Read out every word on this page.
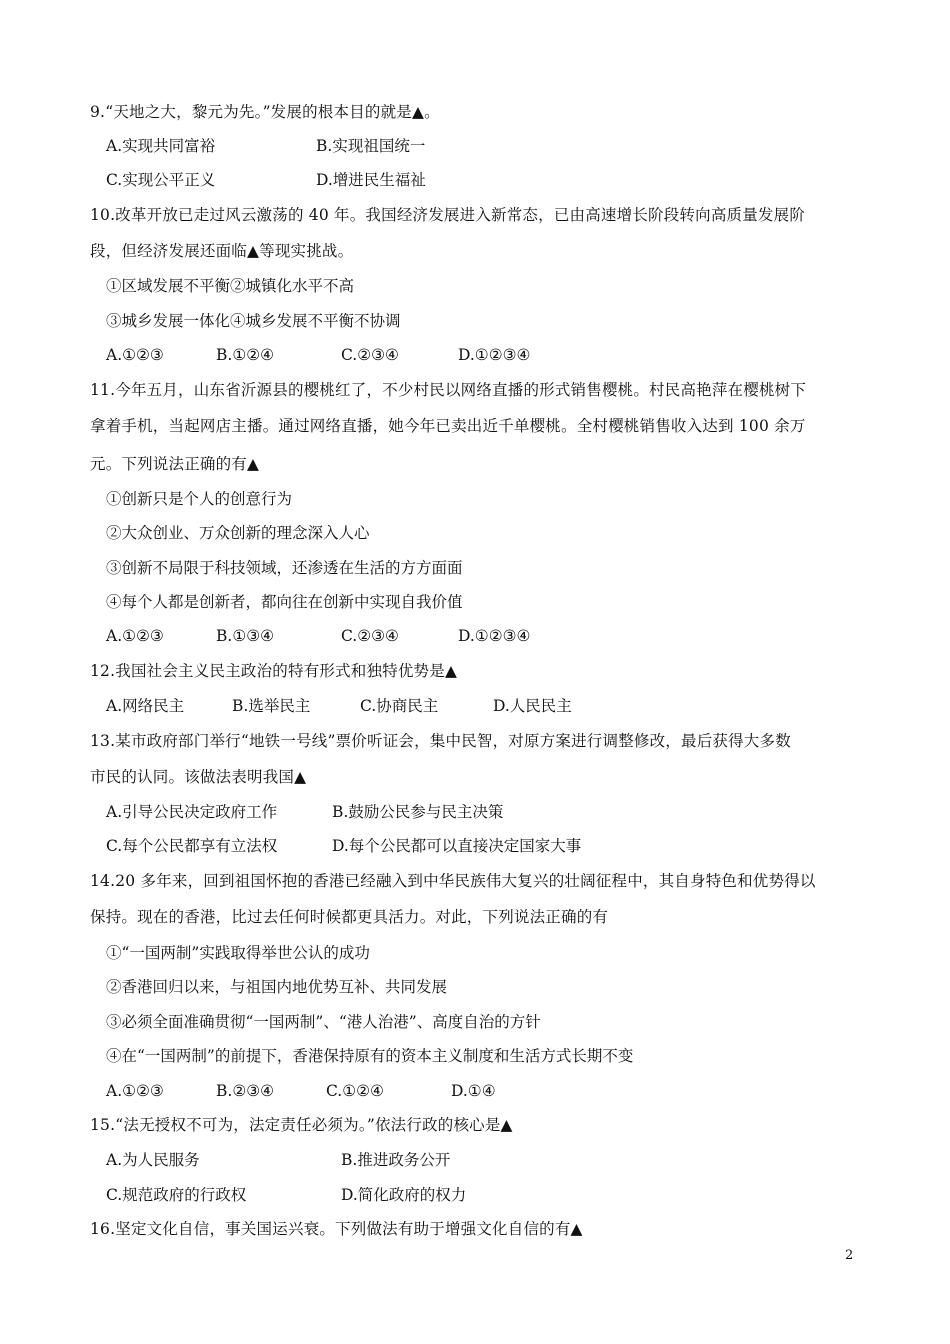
9.“天地之大，黎元为先。”发展的根本目的就是▲。
A.实现共同富裕	B.实现祖国统一
C.实现公平正义	D.增进民生福祉
10.改革开放已走过风云激荡的 40 年。我国经济发展进入新常态，已由高速增长阶段转向高质量发展阶
段，但经济发展还面临▲等现实挑战。
①区域发展不平衡②城镇化水平不高
③城乡发展一体化④城乡发展不平衡不协调
A.①②③	B.①②④	C.②③④	D.①②③④
11.今年五月，山东省沂源县的樱桃红了，不少村民以网络直播的形式销售樱桃。村民高艳萍在樱桃树下
拿着手机，当起网店主播。通过网络直播，她今年已卖出近千单樱桃。全村樱桃销售收入达到 100 余万
元。下列说法正确的有▲
①创新只是个人的创意行为
②大众创业、万众创新的理念深入人心
③创新不局限于科技领域，还渗透在生活的方方面面
④每个人都是创新者，都向往在创新中实现自我价值
A.①②③	B.①③④	C.②③④	D.①②③④
12.我国社会主义民主政治的特有形式和独特优势是▲
A.网络民主	B.选举民主	C.协商民主	D.人民民主
13.某市政府部门举行“地铁一号线”票价听证会，集中民智，对原方案进行调整修改，最后获得大多数
市民的认同。该做法表明我国▲
A.引导公民决定政府工作	B.鼓励公民参与民主决策
C.每个公民都享有立法权	D.每个公民都可以直接决定国家大事
14.20 多年来，回到祖国怀抱的香港已经融入到中华民族伟大复兴的壮阔征程中，其自身特色和优势得以
保持。现在的香港，比过去任何时候都更具活力。对此，下列说法正确的有
①“一国两制”实践取得举世公认的成功
②香港回归以来，与祖国内地优势互补、共同发展
③必须全面准确贯彻“一国两制”、“港人治港”、高度自治的方针
④在“一国两制”的前提下，香港保持原有的资本主义制度和生活方式长期不变
A.①②③	B.②③④	C.①②④	D.①④
15.“法无授权不可为，法定责任必须为。”依法行政的核心是▲
A.为人民服务	B.推进政务公开
C.规范政府的行政权	D.简化政府的权力
16.坚定文化自信，事关国运兴衰。下列做法有助于增强文化自信的有▲
2
